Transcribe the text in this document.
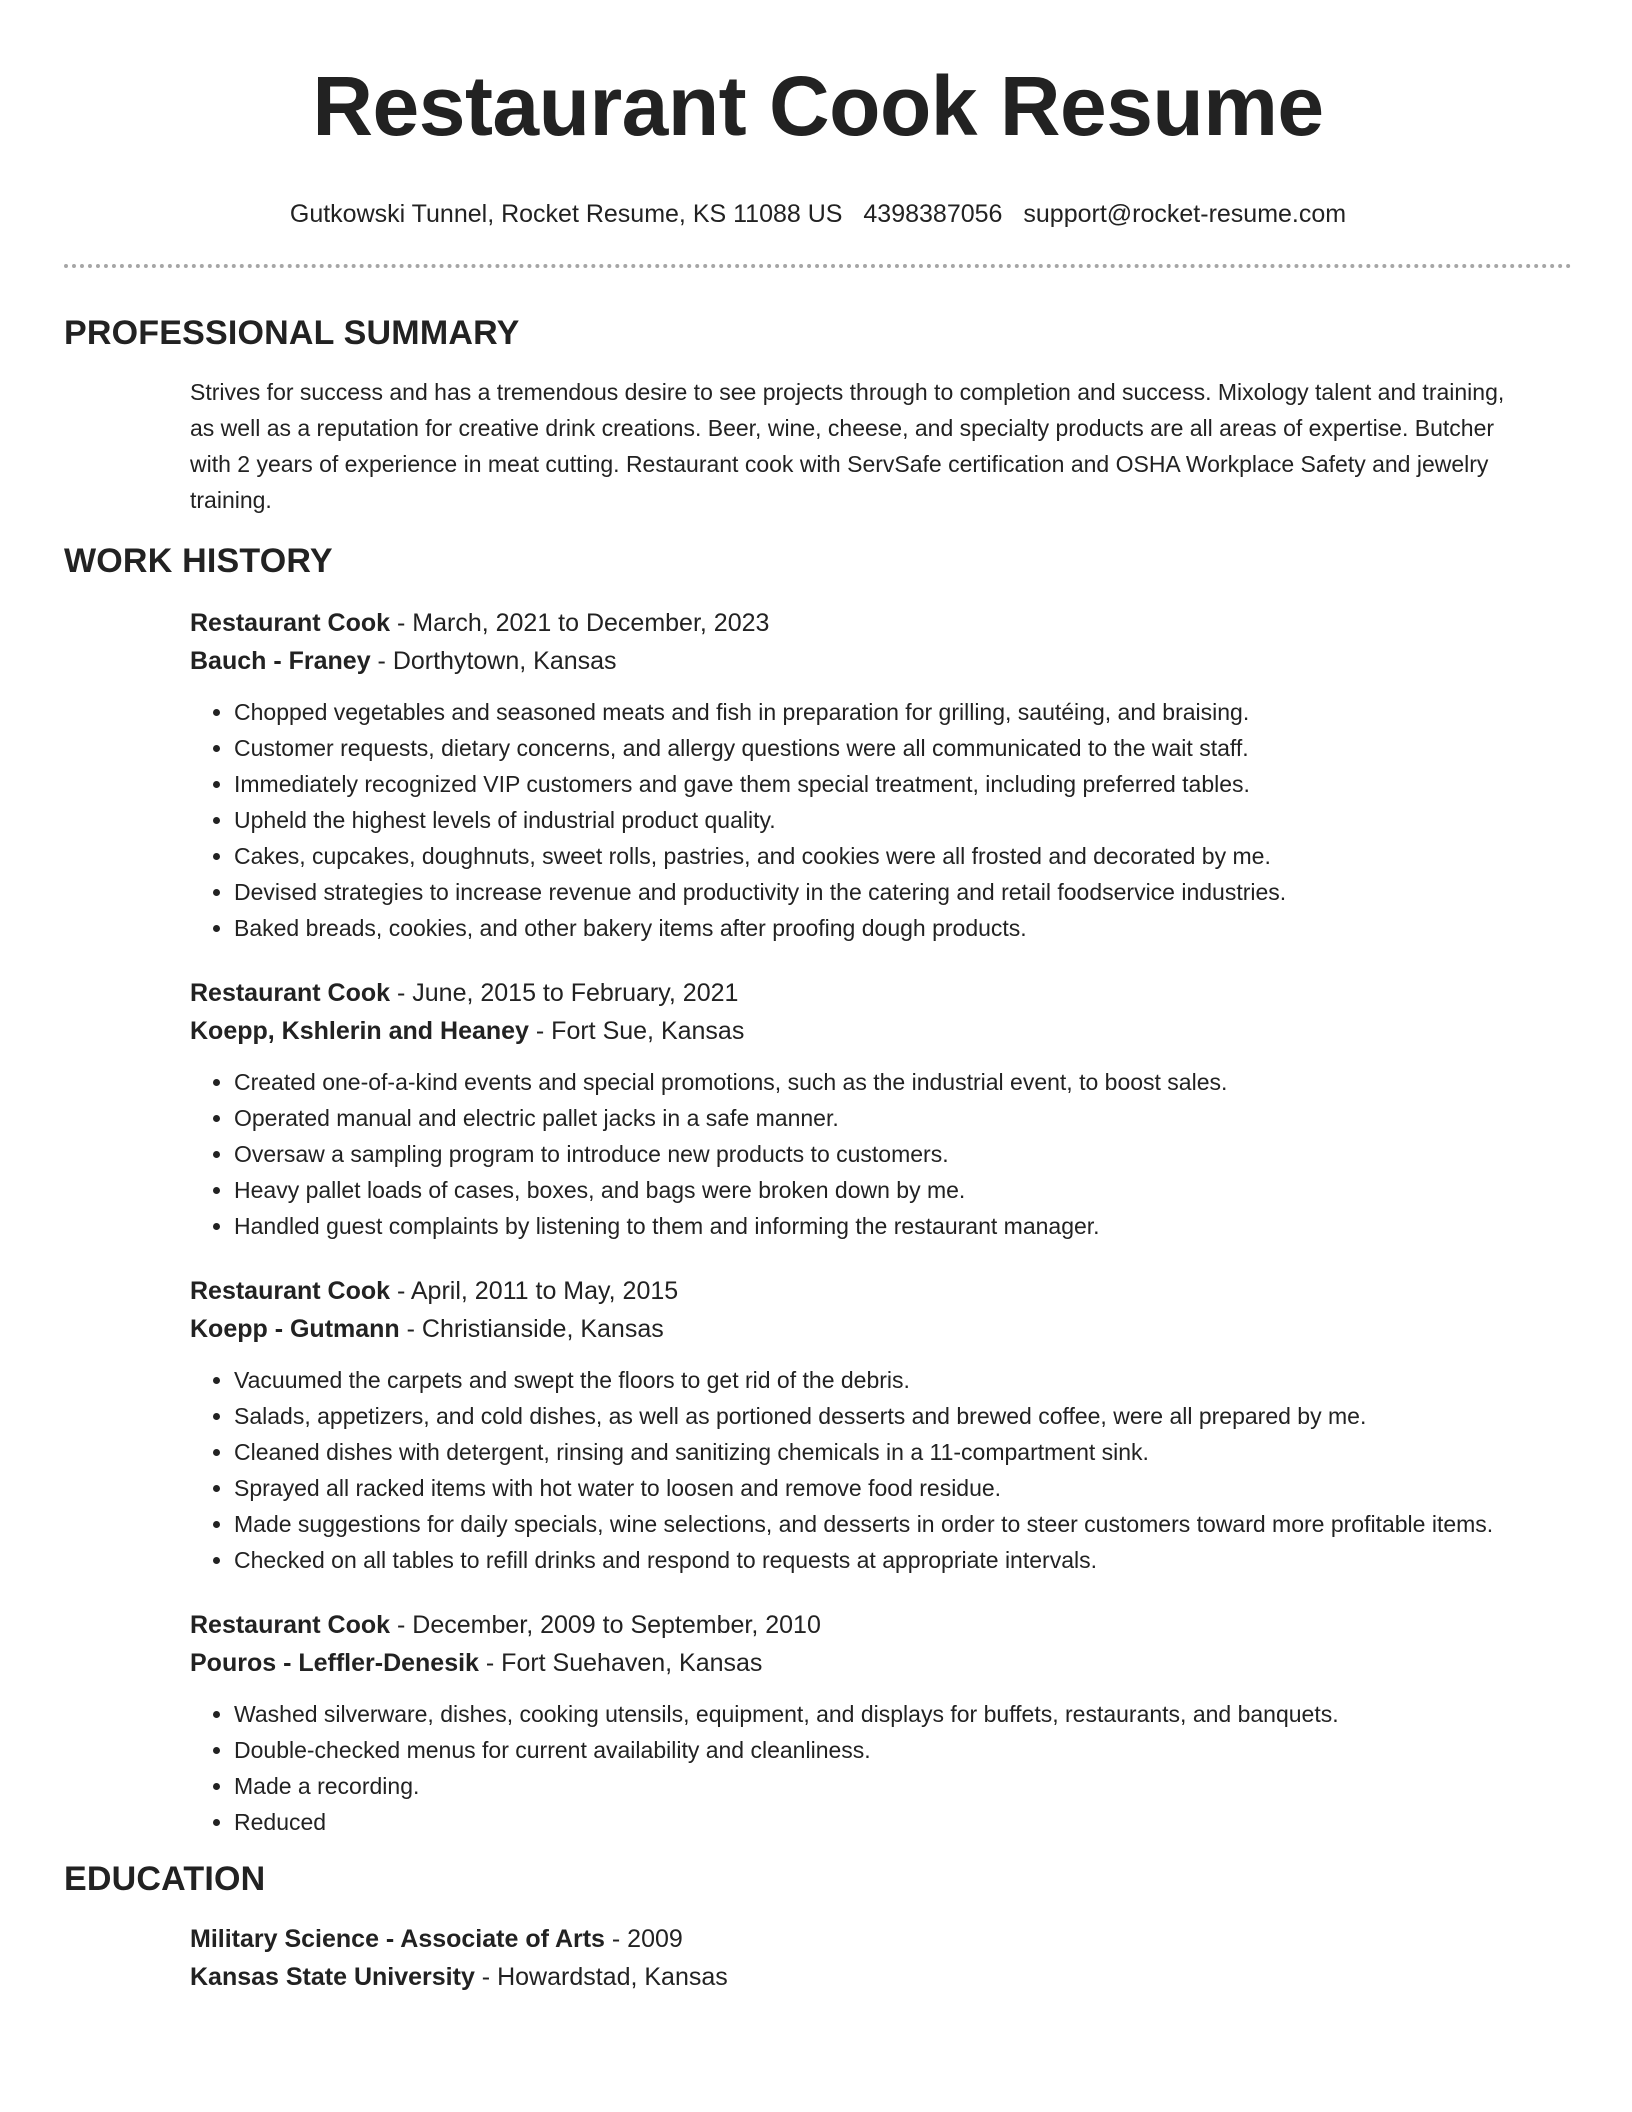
Restaurant Cook Resume
Gutkowski Tunnel, Rocket Resume, KS 11088 US 4398387056 support@rocket-resume.com
PROFESSIONAL SUMMARY
Strives for success and has a tremendous desire to see projects through to completion and success. Mixology talent and training, as well as a reputation for creative drink creations. Beer, wine, cheese, and specialty products are all areas of expertise. Butcher with 2 years of experience in meat cutting. Restaurant cook with ServSafe certification and OSHA Workplace Safety and jewelry training.
WORK HISTORY
Restaurant Cook - March, 2021 to December, 2023
Bauch - Franey - Dorthytown, Kansas
• Chopped vegetables and seasoned meats and fish in preparation for grilling, sautéing, and braising.
• Customer requests, dietary concerns, and allergy questions were all communicated to the wait staff.
• Immediately recognized VIP customers and gave them special treatment, including preferred tables.
• Upheld the highest levels of industrial product quality.
• Cakes, cupcakes, doughnuts, sweet rolls, pastries, and cookies were all frosted and decorated by me.
• Devised strategies to increase revenue and productivity in the catering and retail foodservice industries.
• Baked breads, cookies, and other bakery items after proofing dough products.
Restaurant Cook - June, 2015 to February, 2021
Koepp, Kshlerin and Heaney - Fort Sue, Kansas
• Created one-of-a-kind events and special promotions, such as the industrial event, to boost sales.
• Operated manual and electric pallet jacks in a safe manner.
• Oversaw a sampling program to introduce new products to customers.
• Heavy pallet loads of cases, boxes, and bags were broken down by me.
• Handled guest complaints by listening to them and informing the restaurant manager.
Restaurant Cook - April, 2011 to May, 2015
Koepp - Gutmann - Christianside, Kansas
• Vacuumed the carpets and swept the floors to get rid of the debris.
• Salads, appetizers, and cold dishes, as well as portioned desserts and brewed coffee, were all prepared by me.
• Cleaned dishes with detergent, rinsing and sanitizing chemicals in a 11-compartment sink.
• Sprayed all racked items with hot water to loosen and remove food residue.
• Made suggestions for daily specials, wine selections, and desserts in order to steer customers toward more profitable items.
• Checked on all tables to refill drinks and respond to requests at appropriate intervals.
Restaurant Cook - December, 2009 to September, 2010
Pouros - Leffler-Denesik - Fort Suehaven, Kansas
• Washed silverware, dishes, cooking utensils, equipment, and displays for buffets, restaurants, and banquets.
• Double-checked menus for current availability and cleanliness.
• Made a recording.
• Reduced
EDUCATION
Military Science - Associate of Arts - 2009
Kansas State University - Howardstad, Kansas
